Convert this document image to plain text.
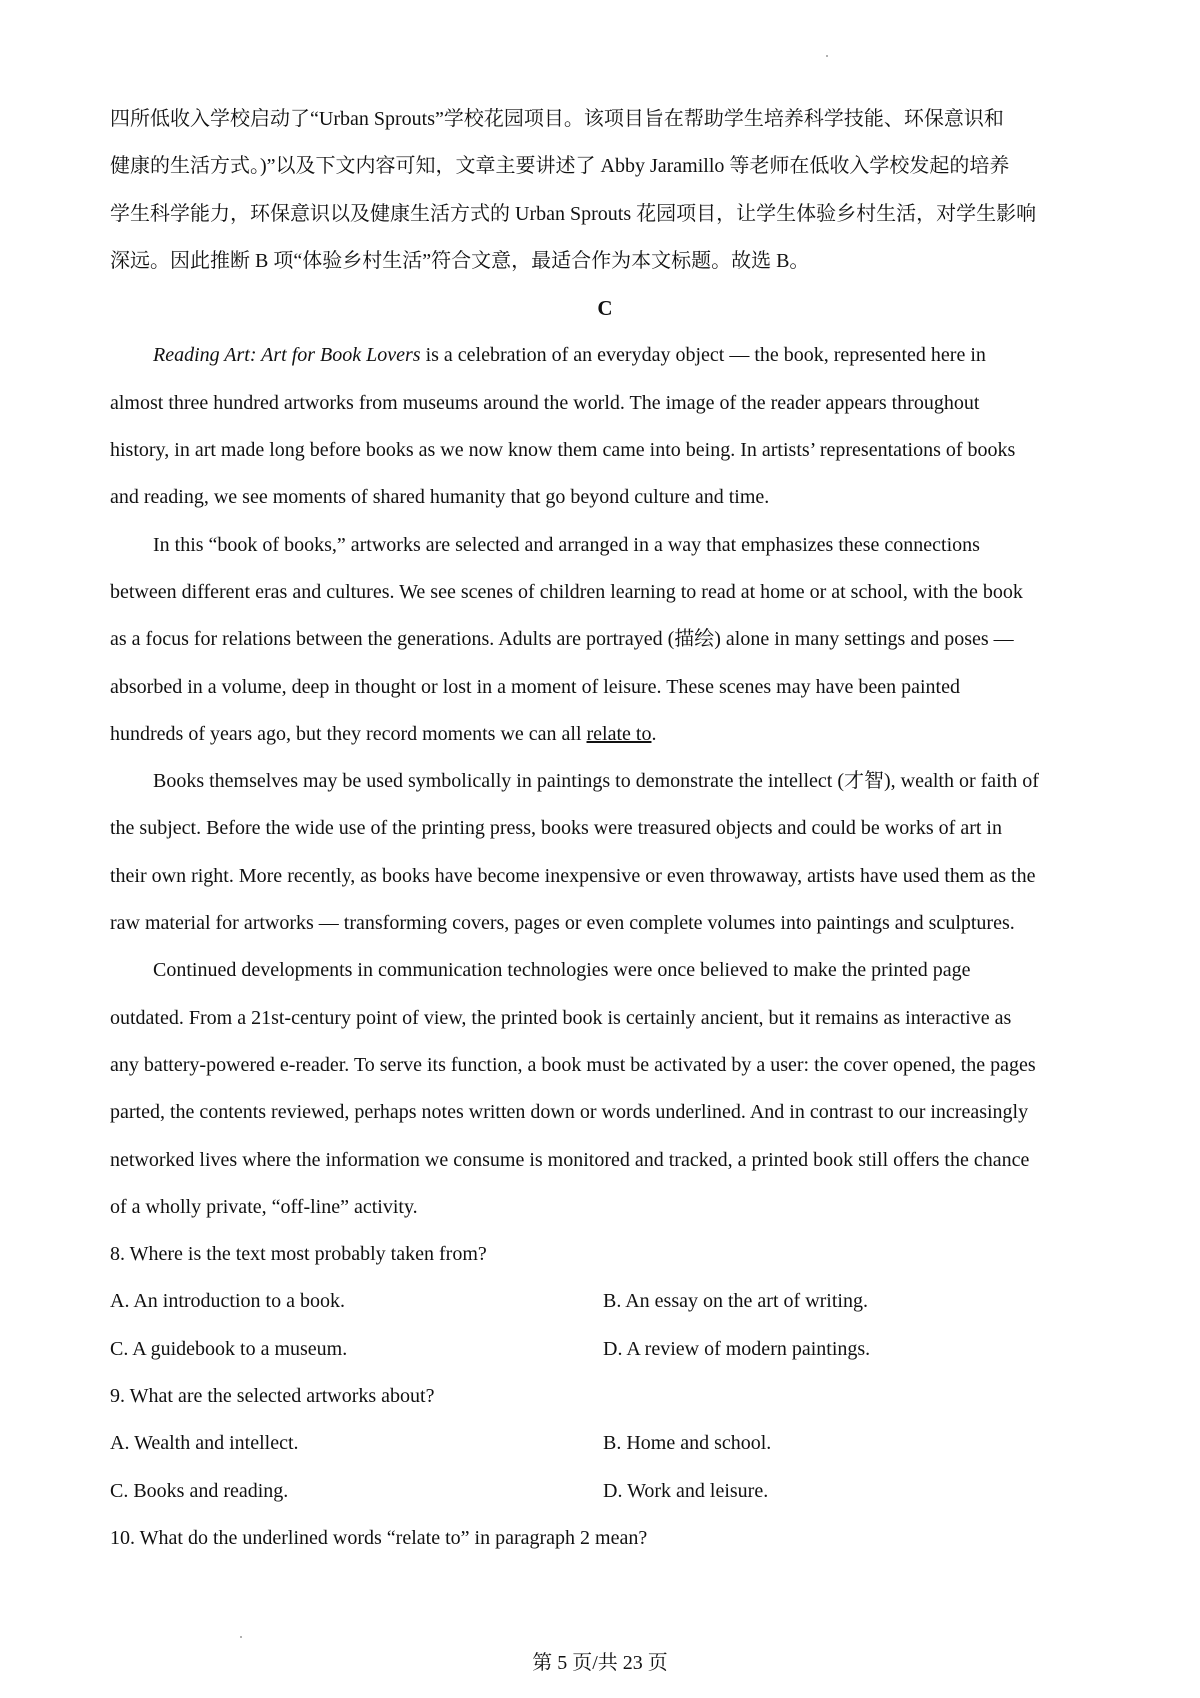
四所低收入学校启动了“Urban Sprouts”学校花园项目。该项目旨在帮助学生培养科学技能、环保意识和
健康的生活方式。)”以及下文内容可知，文章主要讲述了 Abby Jaramillo 等老师在低收入学校发起的培养
学生科学能力，环保意识以及健康生活方式的 Urban Sprouts 花园项目，让学生体验乡村生活，对学生影响
深远。因此推断 B 项“体验乡村生活”符合文意，最适合作为本文标题。故选 B。
C
Reading Art: Art for Book Lovers is a celebration of an everyday object — the book, represented here in
almost three hundred artworks from museums around the world. The image of the reader appears throughout
history, in art made long before books as we now know them came into being. In artists’ representations of books
and reading, we see moments of shared humanity that go beyond culture and time.
In this “book of books,” artworks are selected and arranged in a way that emphasizes these connections
between different eras and cultures. We see scenes of children learning to read at home or at school, with the book
as a focus for relations between the generations. Adults are portrayed (描绘) alone in many settings and poses —
absorbed in a volume, deep in thought or lost in a moment of leisure. These scenes may have been painted
hundreds of years ago, but they record moments we can all relate to.
Books themselves may be used symbolically in paintings to demonstrate the intellect (才智), wealth or faith of
the subject. Before the wide use of the printing press, books were treasured objects and could be works of art in
their own right. More recently, as books have become inexpensive or even throwaway, artists have used them as the
raw material for artworks — transforming covers, pages or even complete volumes into paintings and sculptures.
Continued developments in communication technologies were once believed to make the printed page
outdated. From a 21st-century point of view, the printed book is certainly ancient, but it remains as interactive as
any battery-powered e-reader. To serve its function, a book must be activated by a user: the cover opened, the pages
parted, the contents reviewed, perhaps notes written down or words underlined. And in contrast to our increasingly
networked lives where the information we consume is monitored and tracked, a printed book still offers the chance
of a wholly private, “off-line” activity.
8. Where is the text most probably taken from?
A. An introduction to a book.	B. An essay on the art of writing.
C. A guidebook to a museum.	D. A review of modern paintings.
9. What are the selected artworks about?
A. Wealth and intellect.	B. Home and school.
C. Books and reading.	D. Work and leisure.
10. What do the underlined words “relate to” in paragraph 2 mean?
第 5 页/共 23 页
